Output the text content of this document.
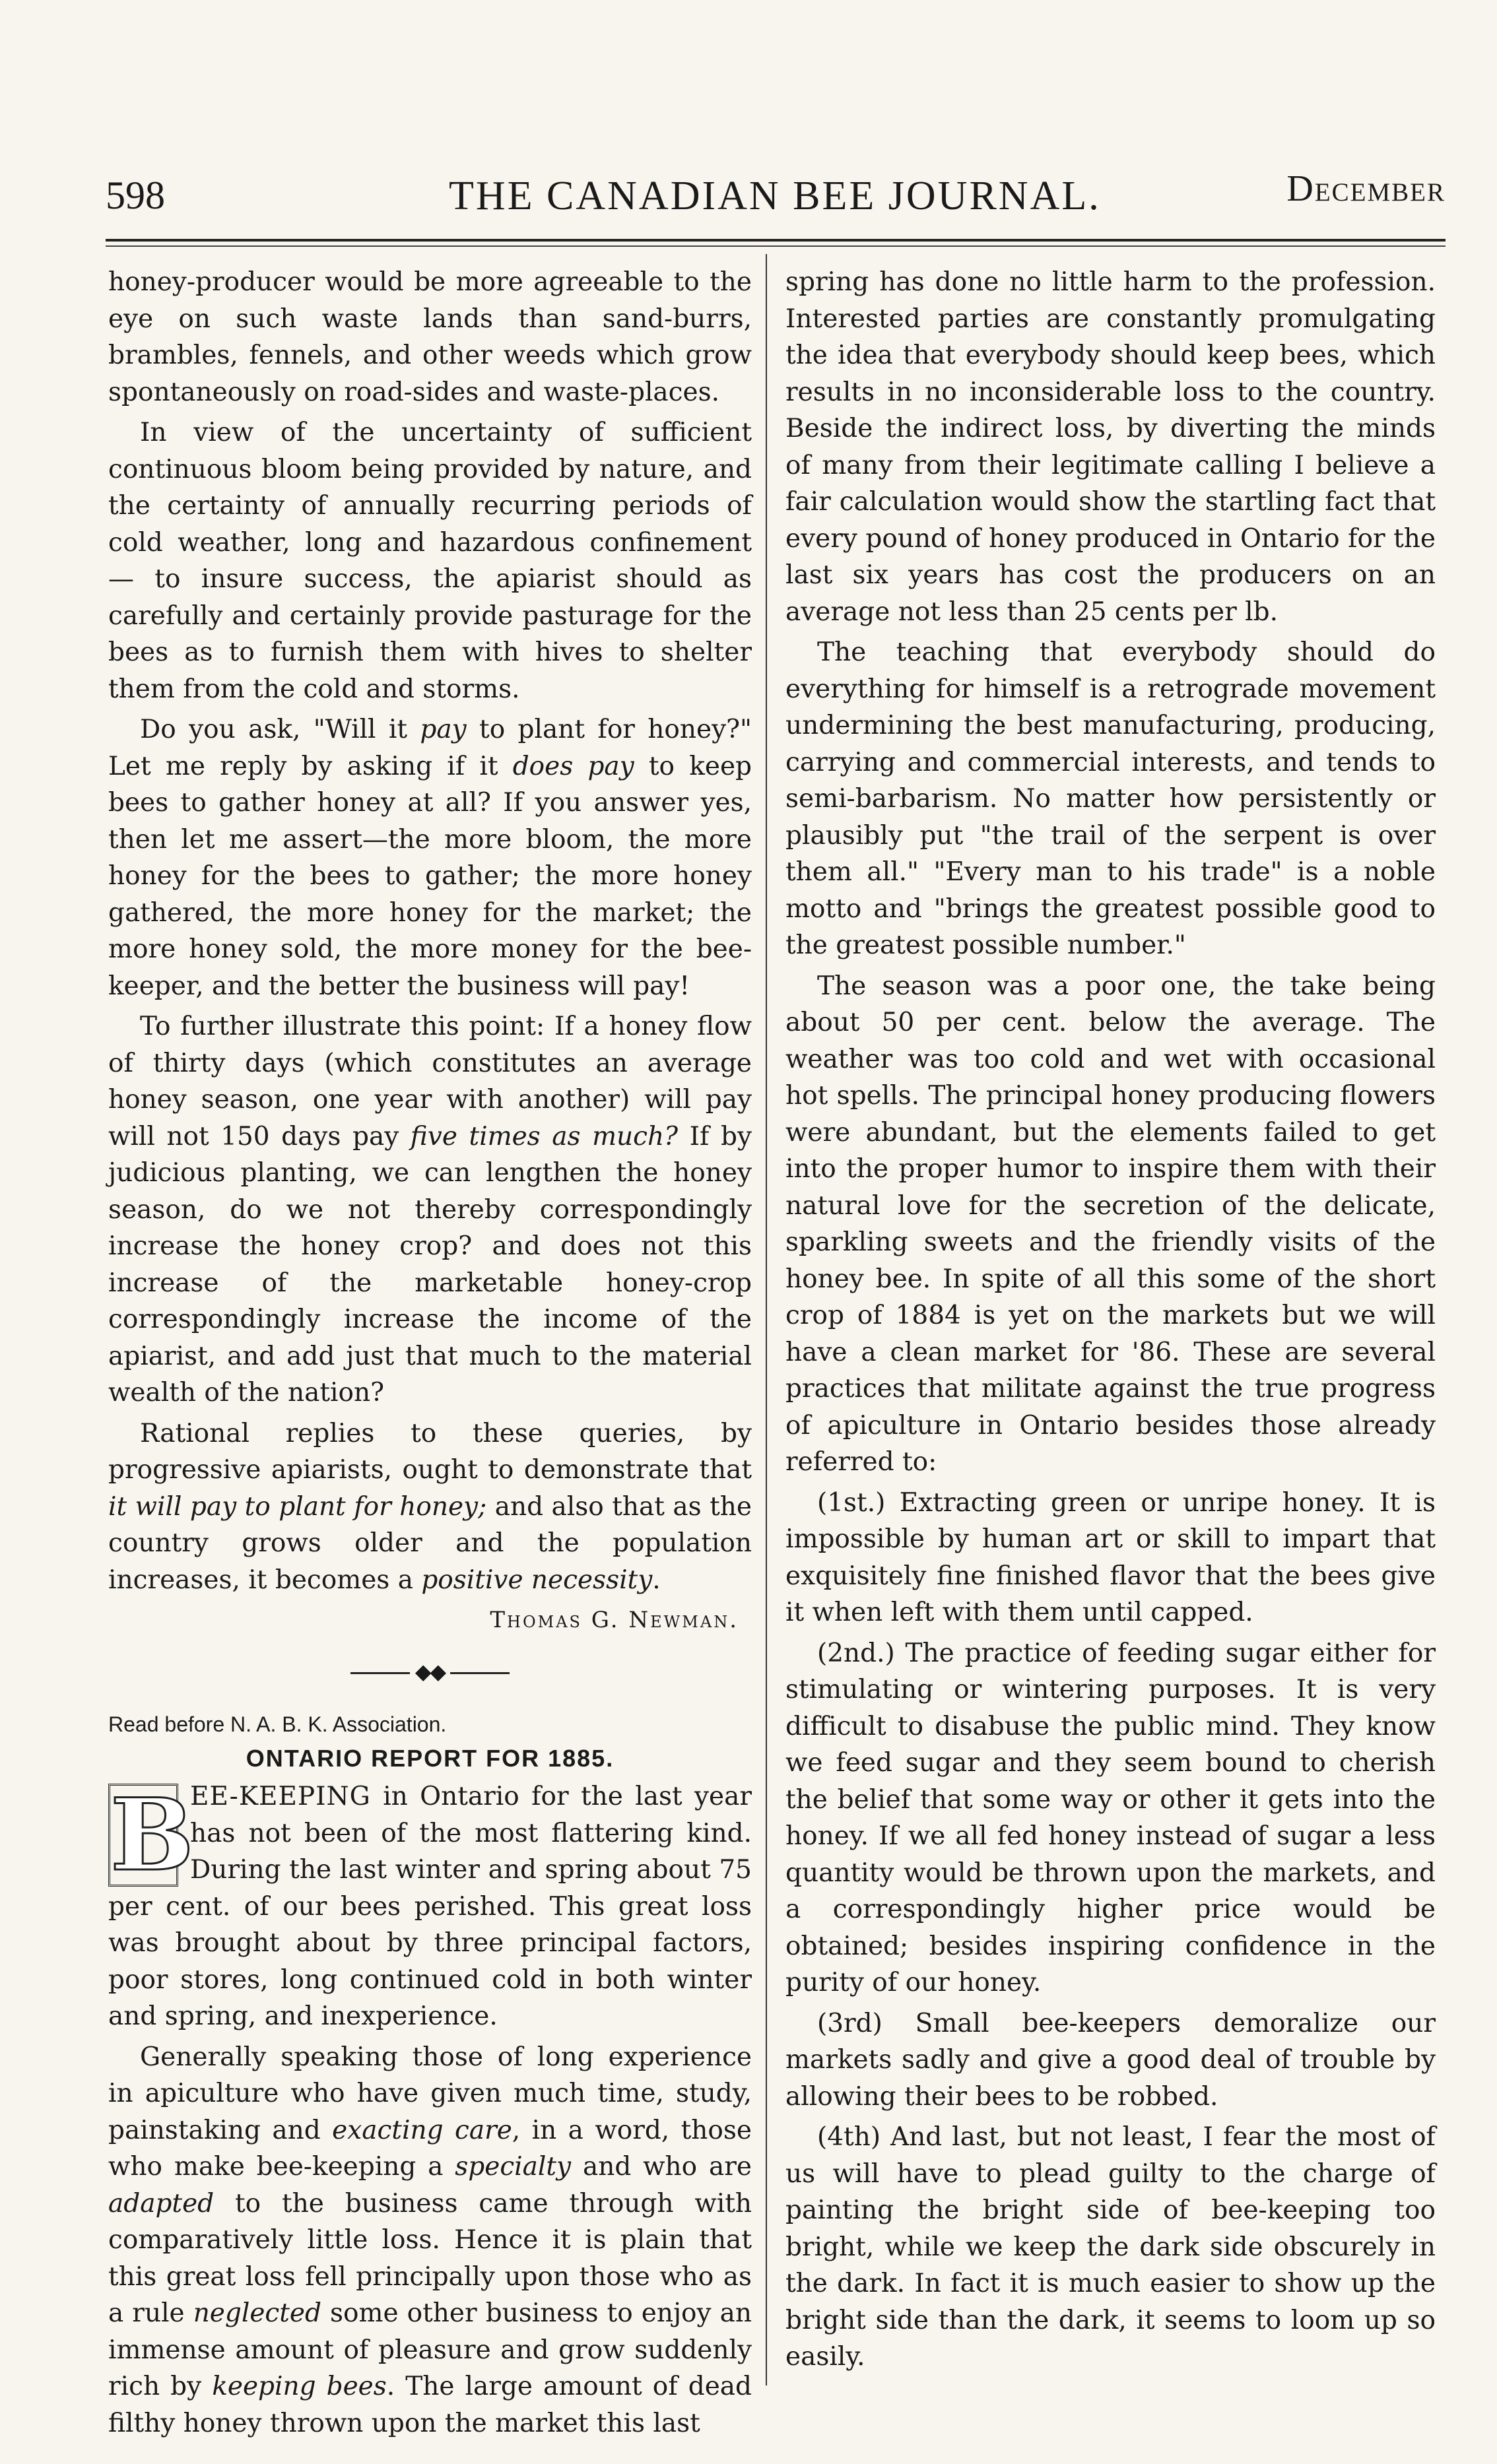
598	THE CANADIAN BEE JOURNAL.	December

honey-producer would be more agreeable to the eye on such waste lands than sand-burrs, brambles, fennels, and other weeds which grow spontaneously on road-sides and waste-places.

In view of the uncertainty of sufficient continuous bloom being provided by nature, and the certainty of annually recurring periods of cold weather, long and hazardous confinement — to insure success, the apiarist should as carefully and certainly provide pasturage for the bees as to furnish them with hives to shelter them from the cold and storms.

Do you ask, "Will it pay to plant for honey?" Let me reply by asking if it does pay to keep bees to gather honey at all? If you answer yes, then let me assert—the more bloom, the more honey for the bees to gather; the more honey gathered, the more honey for the market; the more honey sold, the more money for the bee-keeper, and the better the business will pay!

To further illustrate this point: If a honey flow of thirty days (which constitutes an average honey season, one year with another) will pay will not 150 days pay five times as much? If by judicious planting, we can lengthen the honey season, do we not thereby correspondingly increase the honey crop? and does not this increase of the marketable honey-crop correspondingly increase the income of the apiarist, and add just that much to the material wealth of the nation?

Rational replies to these queries, by progressive apiarists, ought to demonstrate that it will pay to plant for honey; and also that as the country grows older and the population increases, it becomes a positive necessity.

Thomas G. Newman.

◆◆

Read before N. A. B. K. Association.

ONTARIO REPORT FOR 1885.

B
EE-KEEPING in Ontario for the last year has not been of the most flattering kind. During the last winter and spring about 75 per cent. of our bees perished. This great loss was brought about by three principal factors, poor stores, long continued cold in both winter and spring, and inexperience.

Generally speaking those of long experience in apiculture who have given much time, study, painstaking and exacting care, in a word, those who make bee-keeping a specialty and who are adapted to the business came through with comparatively little loss. Hence it is plain that this great loss fell principally upon those who as a rule neglected some other business to enjoy an immense amount of pleasure and grow suddenly rich by keeping bees. The large amount of dead filthy honey thrown upon the market this last

spring has done no little harm to the profession. Interested parties are constantly promulgating the idea that everybody should keep bees, which results in no inconsiderable loss to the country. Beside the indirect loss, by diverting the minds of many from their legitimate calling I believe a fair calculation would show the startling fact that every pound of honey produced in Ontario for the last six years has cost the producers on an average not less than 25 cents per lb.

The teaching that everybody should do everything for himself is a retrograde movement undermining the best manufacturing, producing, carrying and commercial interests, and tends to semi-barbarism. No matter how persistently or plausibly put "the trail of the serpent is over them all." "Every man to his trade" is a noble motto and "brings the greatest possible good to the greatest possible number."

The season was a poor one, the take being about 50 per cent. below the average. The weather was too cold and wet with occasional hot spells. The principal honey producing flowers were abundant, but the elements failed to get into the proper humor to inspire them with their natural love for the secretion of the delicate, sparkling sweets and the friendly visits of the honey bee. In spite of all this some of the short crop of 1884 is yet on the markets but we will have a clean market for '86. These are several practices that militate against the true progress of apiculture in Ontario besides those already referred to:

(1st.) Extracting green or unripe honey. It is impossible by human art or skill to impart that exquisitely fine finished flavor that the bees give it when left with them until capped.

(2nd.) The practice of feeding sugar either for stimulating or wintering purposes. It is very difficult to disabuse the public mind. They know we feed sugar and they seem bound to cherish the belief that some way or other it gets into the honey. If we all fed honey instead of sugar a less quantity would be thrown upon the markets, and a correspondingly higher price would be obtained; besides inspiring confidence in the purity of our honey.

(3rd) Small bee-keepers demoralize our markets sadly and give a good deal of trouble by allowing their bees to be robbed.

(4th) And last, but not least, I fear the most of us will have to plead guilty to the charge of painting the bright side of bee-keeping too bright, while we keep the dark side obscurely in the dark. In fact it is much easier to show up the bright side than the dark, it seems to loom up so easily.
